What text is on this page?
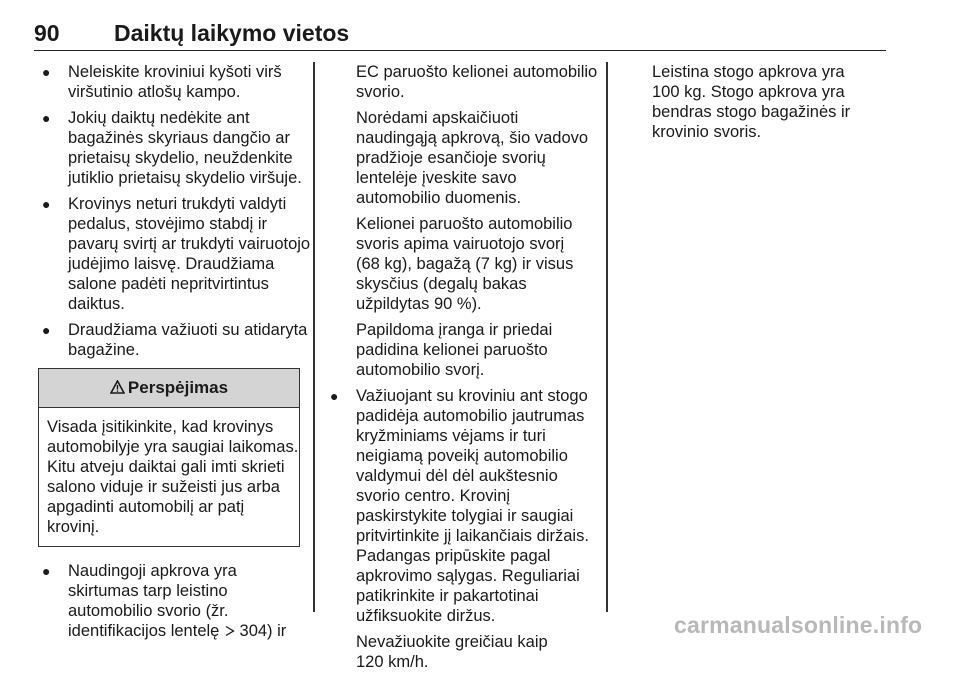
90 Daiktų laikymo vietos
● Neleiskite kroviniui kyšoti virš
viršutinio atlošų kampo.
● Jokių daiktų nedėkite ant
bagažinės skyriaus dangčio ar
prietaisų skydelio, neuždenkite
jutiklio prietaisų skydelio viršuje.
● Krovinys neturi trukdyti valdyti
pedalus, stovėjimo stabdį ir
pavarų svirtį ar trukdyti vairuotojo
judėjimo laisvę. Draudžiama
salone padėti nepritvirtintus
daiktus.
● Draudžiama važiuoti su atidaryta
bagažine.
Perspėjimas
Visada įsitikinkite, kad krovinys
automobilyje yra saugiai laikomas.
Kitu atveju daiktai gali imti skrieti
salono viduje ir sužeisti jus arba
apgadinti automobilį ar patį
krovinį.
● Naudingoji apkrova yra
skirtumas tarp leistino
automobilio svorio (žr.
identifikacijos lentelę 304) ir
EC paruošto kelionei automobilio
svorio.
Norėdami apskaičiuoti
naudingąją apkrovą, šio vadovo
pradžioje esančioje svorių
lentelėje įveskite savo
automobilio duomenis.
Kelionei paruošto automobilio
svoris apima vairuotojo svorį
(68 kg), bagažą (7 kg) ir visus
skysčius (degalų bakas
užpildytas 90 %).
Papildoma įranga ir priedai
padidina kelionei paruošto
automobilio svorį.
● Važiuojant su kroviniu ant stogo
padidėja automobilio jautrumas
kryžminiams vėjams ir turi
neigiamą poveikį automobilio
valdymui dėl dėl aukštesnio
svorio centro. Krovinį
paskirstykite tolygiai ir saugiai
pritvirtinkite jį laikančiais diržais.
Padangas pripūskite pagal
apkrovimo sąlygas. Reguliariai
patikrinkite ir pakartotinai
užfiksuokite diržus.
Nevažiuokite greičiau kaip
120 km/h.
Leistina stogo apkrova yra
100 kg. Stogo apkrova yra
bendras stogo bagažinės ir
krovinio svoris.
carmanualsonline.info
